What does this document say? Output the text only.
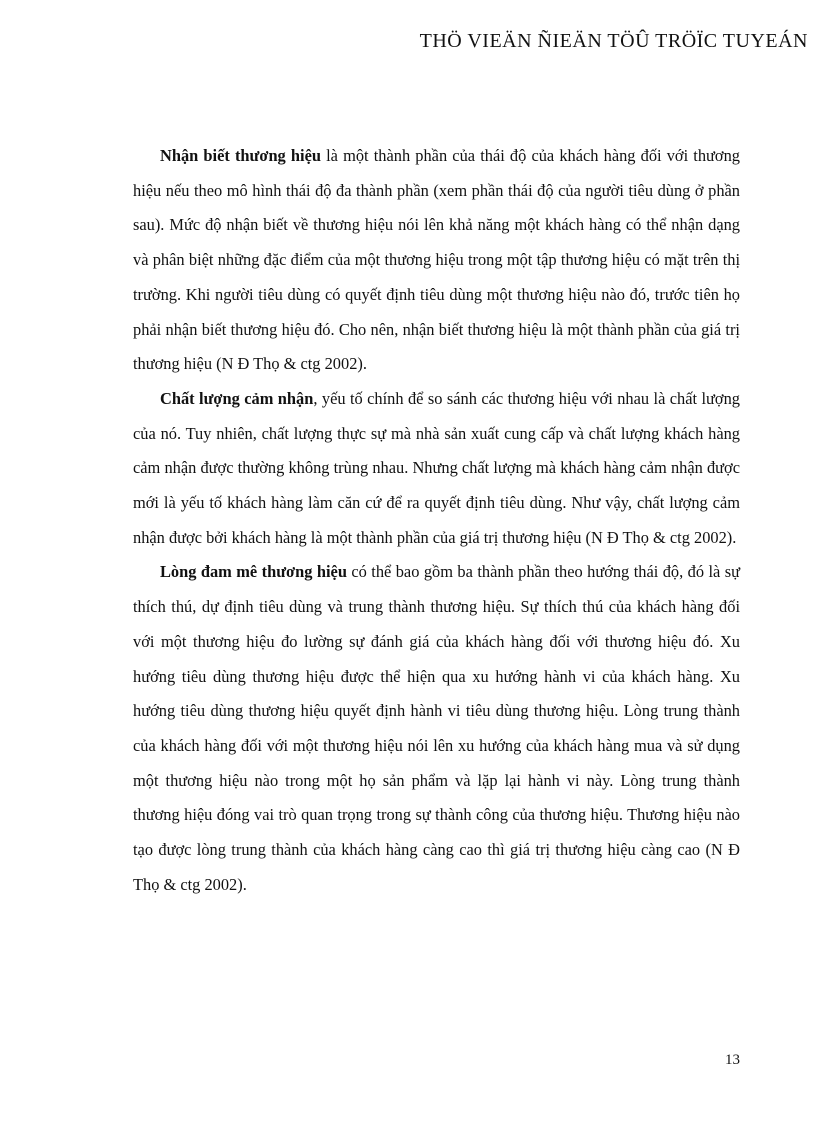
THÖ VIEÄN ÑIEÄN TÖÛ TRÖÏC TUYEÁN

Nhận biết thương hiệu là một thành phần của thái độ của khách hàng đối với thương hiệu nếu theo mô hình thái độ đa thành phần (xem phần thái độ của người tiêu dùng ở phần sau). Mức độ nhận biết về thương hiệu nói lên khả năng một khách hàng có thể nhận dạng và phân biệt những đặc điểm của một thương hiệu trong một tập thương hiệu có mặt trên thị trường. Khi người tiêu dùng có quyết định tiêu dùng một thương hiệu nào đó, trước tiên họ phải nhận biết thương hiệu đó. Cho nên, nhận biết thương hiệu là một thành phần của giá trị thương hiệu (N Đ Thọ & ctg 2002).

Chất lượng cảm nhận, yếu tố chính để so sánh các thương hiệu với nhau là chất lượng của nó. Tuy nhiên, chất lượng thực sự mà nhà sản xuất cung cấp và chất lượng khách hàng cảm nhận được thường không trùng nhau. Nhưng chất lượng mà khách hàng cảm nhận được mới là yếu tố khách hàng làm căn cứ để ra quyết định tiêu dùng. Như vậy, chất lượng cảm nhận được bởi khách hàng là một thành phần của giá trị thương hiệu (N Đ Thọ & ctg 2002).

Lòng đam mê thương hiệu có thể bao gồm ba thành phần theo hướng thái độ, đó là sự thích thú, dự định tiêu dùng và trung thành thương hiệu. Sự thích thú của khách hàng đối với một thương hiệu đo lường sự đánh giá của khách hàng đối với thương hiệu đó. Xu hướng tiêu dùng thương hiệu được thể hiện qua xu hướng hành vi của khách hàng. Xu hướng tiêu dùng thương hiệu quyết định hành vi tiêu dùng thương hiệu. Lòng trung thành của khách hàng đối với một thương hiệu nói lên xu hướng của khách hàng mua và sử dụng một thương hiệu nào trong một họ sản phẩm và lặp lại hành vi này. Lòng trung thành thương hiệu đóng vai trò quan trọng trong sự thành công của thương hiệu. Thương hiệu nào tạo được lòng trung thành của khách hàng càng cao thì giá trị thương hiệu càng cao (N Đ Thọ & ctg 2002).

13
